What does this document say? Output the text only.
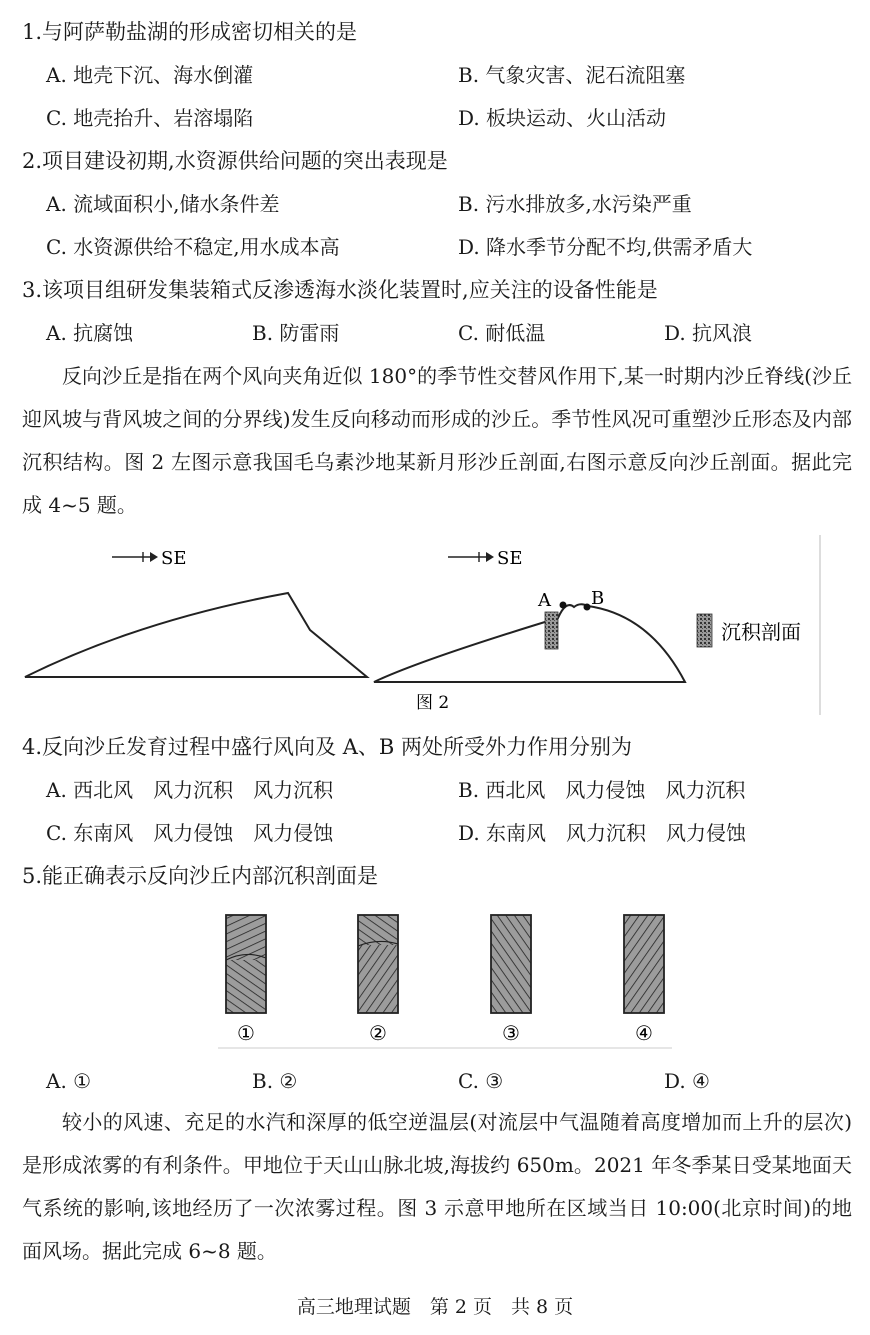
1.与阿萨勒盐湖的形成密切相关的是
A. 地壳下沉、海水倒灌	B. 气象灾害、泥石流阻塞
C. 地壳抬升、岩溶塌陷	D. 板块运动、火山活动
2.项目建设初期,水资源供给问题的突出表现是
A. 流域面积小,储水条件差	B. 污水排放多,水污染严重
C. 水资源供给不稳定,用水成本高	D. 降水季节分配不均,供需矛盾大
3.该项目组研发集装箱式反渗透海水淡化装置时,应关注的设备性能是
A. 抗腐蚀	B. 防雷雨	C. 耐低温	D. 抗风浪
反向沙丘是指在两个风向夹角近似 180°的季节性交替风作用下,某一时期内沙丘脊线(沙丘迎风坡与背风坡之间的分界线)发生反向移动而形成的沙丘。季节性风况可重塑沙丘形态及内部沉积结构。图 2 左图示意我国毛乌素沙地某新月形沙丘剖面,右图示意反向沙丘剖面。据此完成 4~5 题。
SE	SE
A B
沉积剖面
图 2
4.反向沙丘发育过程中盛行风向及 A、B 两处所受外力作用分别为
A. 西北风　风力沉积　风力沉积	B. 西北风　风力侵蚀　风力沉积
C. 东南风　风力侵蚀　风力侵蚀	D. 东南风　风力沉积　风力侵蚀
5.能正确表示反向沙丘内部沉积剖面是
①	②	③	④
A. ①	B. ②	C. ③	D. ④
较小的风速、充足的水汽和深厚的低空逆温层(对流层中气温随着高度增加而上升的层次)是形成浓雾的有利条件。甲地位于天山山脉北坡,海拔约 650m。2021 年冬季某日受某地面天气系统的影响,该地经历了一次浓雾过程。图 3 示意甲地所在区域当日 10:00(北京时间)的地面风场。据此完成 6~8 题。
高三地理试题　第 2 页　共 8 页
